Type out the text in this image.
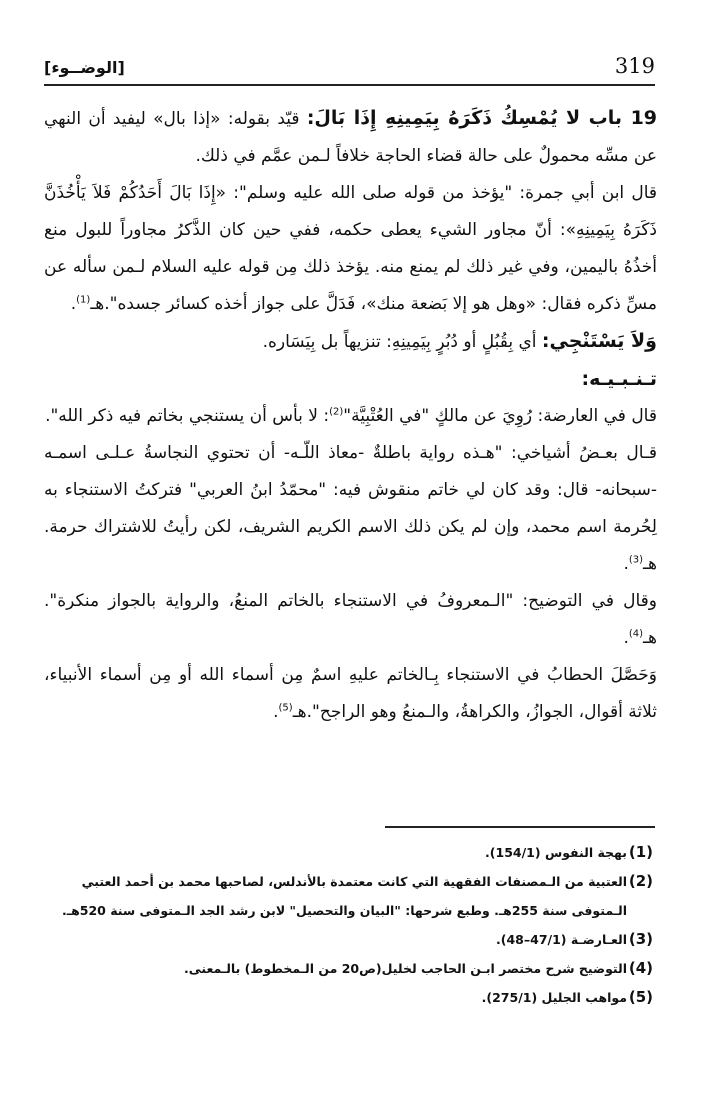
319
[الوضــوء]

19 باب لا يُمْسِكُ ذَكَرَهُ بِيَمِينِهِ إِذَا بَالَ: قيّد بقوله: «إذا بال» ليفيد أن النهي عن مسِّه محمولٌ على حالة قضاء الحاجة خلافاً لـمن عمَّم في ذلك.

قال ابن أبي جمرة: "يؤخذ من قوله صلى الله عليه وسلم": «إِذَا بَالَ أَحَدُكُمْ فَلاَ يَأْخُذَنَّ ذَكَرَهُ بِيَمِينِهِ»: أنّ مجاور الشيء يعطى حكمه، ففي حين كان الذَّكرُ مجاوراً للبول منع أخذُهُ باليمين، وفي غير ذلك لم يمنع منه. يؤخذ ذلك مِن قوله عليه السلام لـمن سأله عن مسِّ ذكره فقال: «وهل هو إلا بَضعة منك»، فَدَلَّ على جواز أخذه كسائر جسده".هـ$^{(1)}$.

وَلاَ يَسْتَنْجِي: أي بِقُبُلٍ أو دُبُرٍ بِيَمِينِهِ: تنزيهاً بل بِيَسَاره.

تـنـبـيـه:

قال في العارضة: رُوِيَ عن مالكٍ "في العُتْبِيَّة"$^{(2)}$: لا بأس أن يستنجي بخاتم فيه ذكر الله".

قـال بعـضُ أشياخي: "هـذه رواية باطلةٌ -معاذ اللّـه- أن تحتوي النجاسةُ عـلـى اسمـه -سبحانه- قال: وقد كان لي خاتم منقوش فيه: "محمّدُ ابنُ العربي" فتركتُ الاستنجاء به لِحُرمة اسم محمد، وإن لم يكن ذلك الاسم الكريم الشريف، لكن رأيتُ للاشتراك حرمة. هـ$^{(3)}$.

وقال في التوضيح: "الـمعروفُ في الاستنجاء بالخاتم المنعُ، والرواية بالجواز منكرة". هـ$^{(4)}$.

وَحَصَّلَ الحطابُ في الاستنجاء بِـالخاتم عليهِ اسمٌ مِن أسماء الله أو مِن أسماء الأنبياء، ثلاثة أقوال، الجوازُ، والكراهةُ، والـمنعُ وهو الراجح".هـ$^{(5)}$.

(1)
بهجة النفوس (154/1).
(2)
العتبية من الـمصنفات الفقهية التي كانت معتمدة بالأندلس، لصاحبها محمد بن أحمد العتبي الـمتوفى سنة 255هـ. وطبع شرحها: "البيان والتحصيل" لابن رشد الجد الـمتوفى سنة 520هـ.
(3)
العـارضـة (47/1–48).
(4)
التوضيح شرح مختصر ابـن الحاجب لخليل(ص20 من الـمخطوط) بالـمعنى.
(5)
مواهب الجليل (275/1).
